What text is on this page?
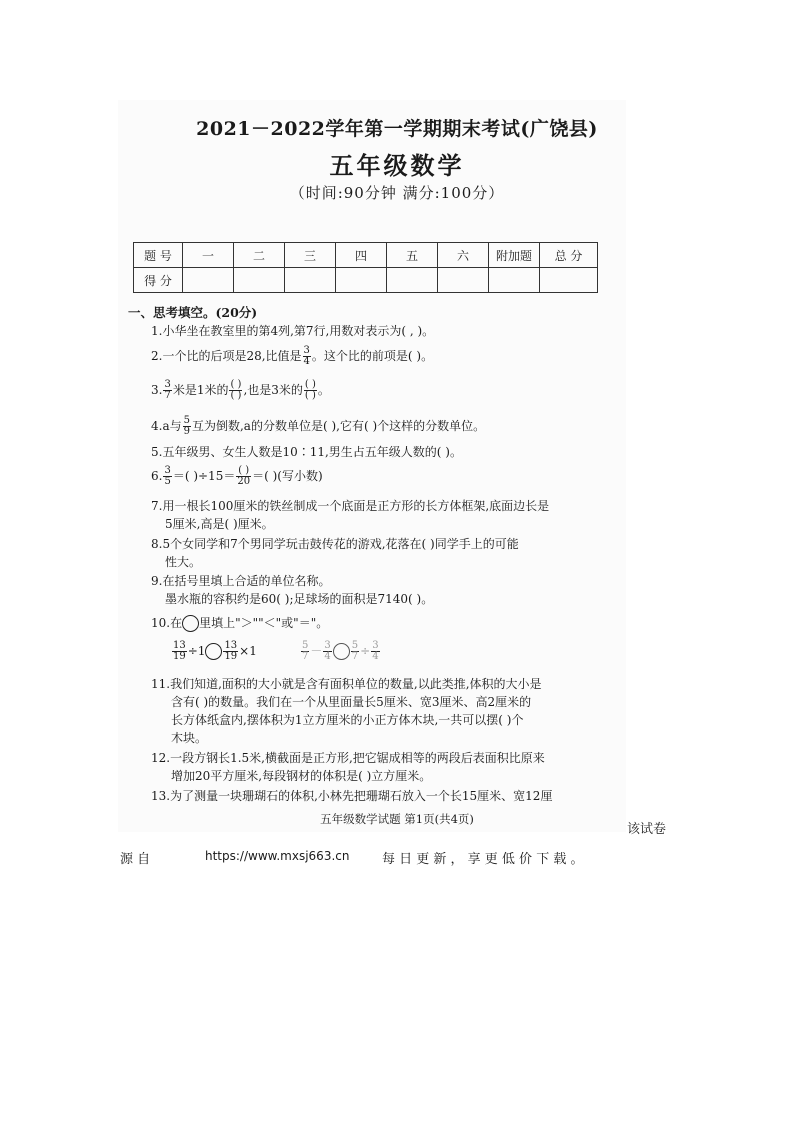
2021－2022学年第一学期期末考试(广饶县)
五年级数学
（时间:90分钟 满分:100分）
题 号	一	二	三	四	五	六	附加题	总 分
得 分								
一、思考填空。(20分)
1.小华坐在教室里的第4列,第7行,用数对表示为( , )。
2.一个比的后项是28,比值是 $\frac{3}{4}$ 。这个比的前项是( )。
3. $\frac{3}{7}$ 米是1米的 $\frac{( )}{( )}$ ,也是3米的 $\frac{( )}{( )}$ 。
4.a与 $\frac{5}{9}$ 互为倒数,a的分数单位是( ),它有( )个这样的分数单位。
5.五年级男、女生人数是10∶11,男生占五年级人数的( )。
6. $\frac{3}{5}$ ＝( )$\div 15= \frac{( )}{20}$ ＝( )(写小数)
7.用一根长100厘米的铁丝制成一个底面是正方形的长方体框架,底面边长是
5厘米,高是( )厘米。
8.5个女同学和7个男同学玩击鼓传花的游戏,花落在( )同学手上的可能
性大。
9.在括号里填上合适的单位名称。
墨水瓶的容积约是60( );足球场的面积是7140( )。
10.在 里填上"＞""＜"或"＝"。
$\frac{13}{19} \div 1 \frac{13}{19} \times 1$	$\frac{5}{7} - \frac{3}{4} \frac{5}{7} \div \frac{3}{4}$
11.我们知道,面积的大小就是含有面积单位的数量,以此类推,体积的大小是
含有( )的数量。我们在一个从里面量长5厘米、宽3厘米、高2厘米的
长方体纸盒内,摆体积为1立方厘米的小正方体木块,一共可以摆( )个
木块。
12.一段方钢长1.5米,横截面是正方形,把它锯成相等的两段后表面积比原来
增加20平方厘米,每段钢材的体积是( )立方厘米。
13.为了测量一块珊瑚石的体积,小林先把珊瑚石放入一个长15厘米、宽12厘
五年级数学试题 第1页(共4页)
该试卷
源 自	https://www.mxsj663.cn	每 日 更 新 ， 享 更 低 价 下 载 。
